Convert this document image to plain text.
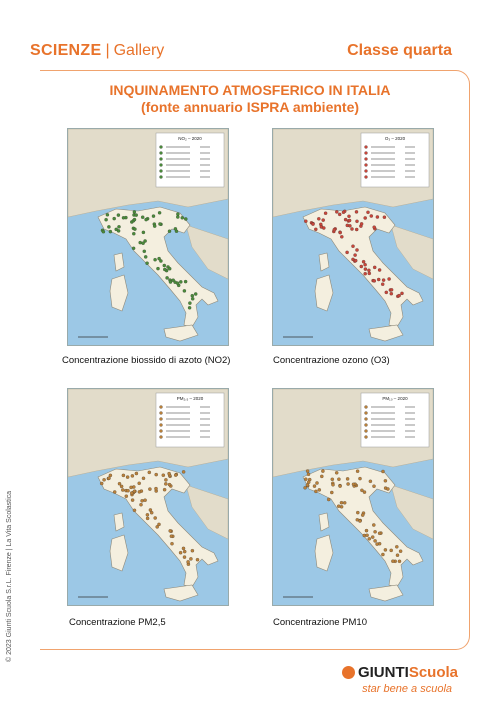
SCIENZE | Gallery	Classe quarta
INQUINAMENTO ATMOSFERICO IN ITALIA
(fonte annuario ISPRA ambiente)
NO₂ – 2020	O₃ – 2020
PM₂,₅ – 2020	PM₁₀ – 2020
Concentrazione biossido di azoto (NO2)	Concentrazione ozono (O3)
Concentrazione PM2,5	Concentrazione PM10
© 2023 Giunti Scuola S.r.L. Firenze | La Vita Scolastica
GIUNTIScuola
star bene a scuola
